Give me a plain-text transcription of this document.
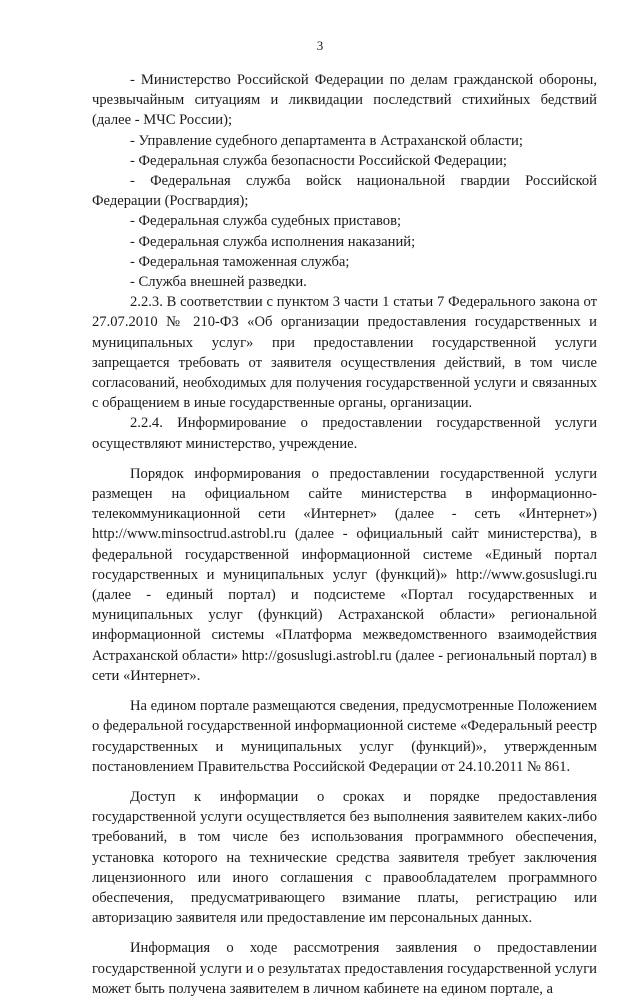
3

- Министерство Российской Федерации по делам гражданской обороны, чрезвычайным ситуациям и ликвидации последствий стихийных бедствий (далее - МЧС России);

- Управление судебного департамента в Астраханской области;

- Федеральная служба безопасности Российской Федерации;

- Федеральная служба войск национальной гвардии Российской Федерации (Росгвардия);

- Федеральная служба судебных приставов;

- Федеральная служба исполнения наказаний;

- Федеральная таможенная служба;

- Служба внешней разведки.

2.2.3. В соответствии с пунктом 3 части 1 статьи 7 Федерального закона от 27.07.2010 № 210-ФЗ «Об организации предоставления государственных и муниципальных услуг» при предоставлении государственной услуги запрещается требовать от заявителя осуществления действий, в том числе согласований, необходимых для получения государственной услуги и связанных с обращением в иные государственные органы, организации.

2.2.4. Информирование о предоставлении государственной услуги осуществляют министерство, учреждение.

Порядок информирования о предоставлении государственной услуги размещен на официальном сайте министерства в информационно-телекоммуникационной сети «Интернет» (далее - сеть «Интернет») http://www.minsoctrud.astrobl.ru (далее - официальный сайт министерства), в федеральной государственной информационной системе «Единый портал государственных и муниципальных услуг (функций)» http://www.gosuslugi.ru (далее - единый портал) и подсистеме «Портал государственных и муниципальных услуг (функций) Астраханской области» региональной информационной системы «Платформа межведомственного взаимодействия Астраханской области» http://gosuslugi.astrobl.ru (далее - региональный портал) в сети «Интернет».

На едином портале размещаются сведения, предусмотренные Положением о федеральной государственной информационной системе «Федеральный реестр государственных и муниципальных услуг (функций)», утвержденным постановлением Правительства Российской Федерации от 24.10.2011 № 861.

Доступ к информации о сроках и порядке предоставления государственной услуги осуществляется без выполнения заявителем каких-либо требований, в том числе без использования программного обеспечения, установка которого на технические средства заявителя требует заключения лицензионного или иного соглашения с правообладателем программного обеспечения, предусматривающего взимание платы, регистрацию или авторизацию заявителя или предоставление им персональных данных.

Информация о ходе рассмотрения заявления о предоставлении государственной услуги и о результатах предоставления государственной услуги может быть получена заявителем в личном кабинете на едином портале, а
